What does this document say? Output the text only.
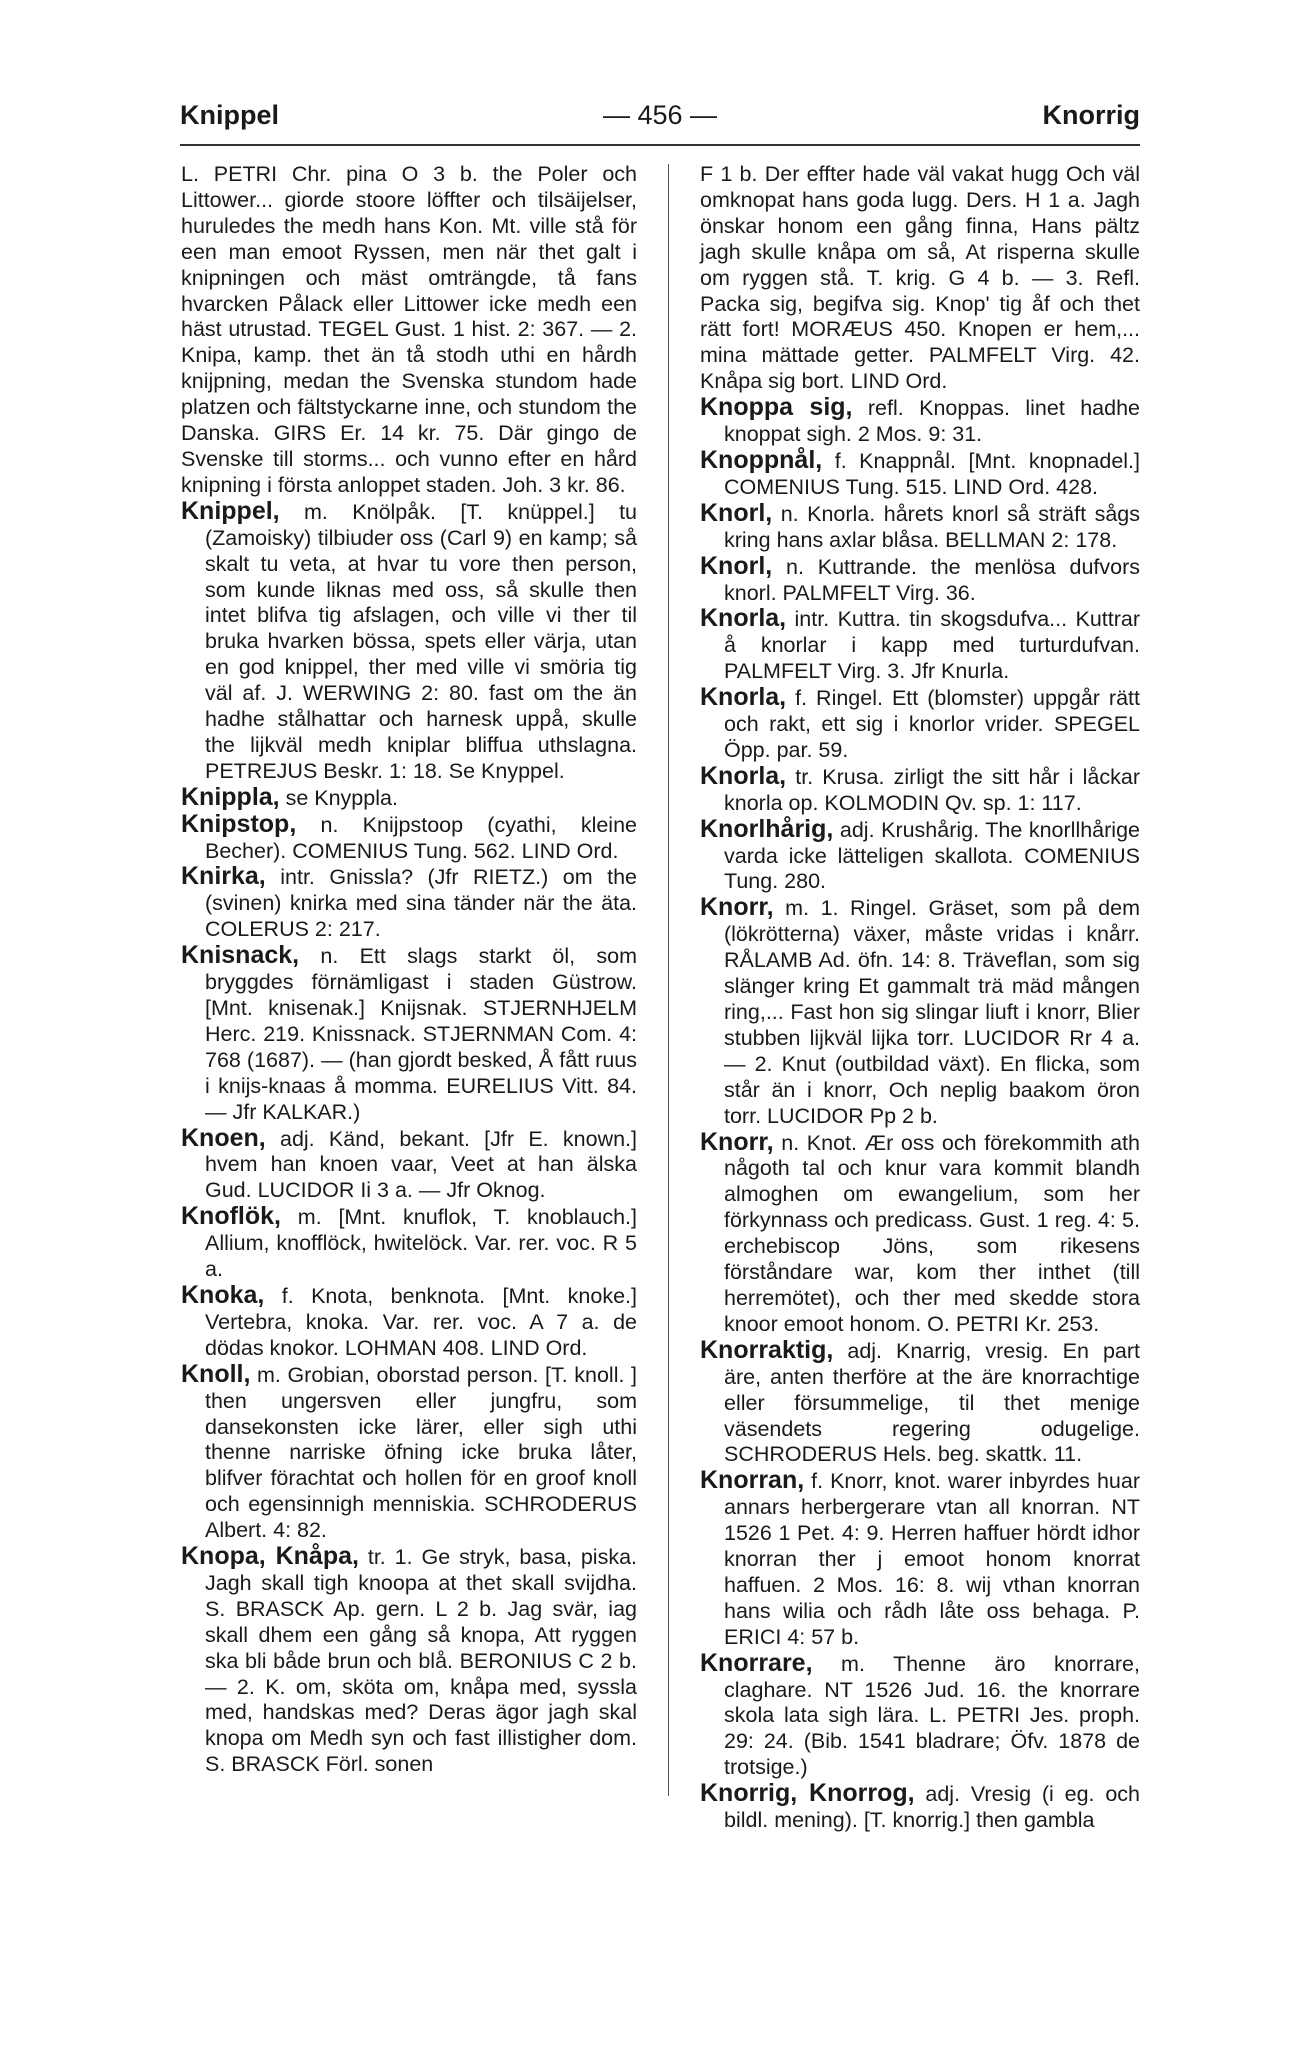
Knippel	— 456 —	Knorrig
L. PETRI Chr. pina O 3 b. the Poler och Littower... giorde stoore löffter och tilsäijelser, huruledes the medh hans Kon. Mt. ville stå för een man emoot Ryssen, men när thet galt i knipningen och mäst omträngde, tå fans hvarcken Pålack eller Littower icke medh een häst utrustad. TEGEL Gust. 1 hist. 2: 367. — 2. Knipa, kamp. thet än tå stodh uthi en hårdh knijpning, medan the Svenska stundom hade platzen och fältstyckarne inne, och stundom the Danska. GIRS Er. 14 kr. 75. Där gingo de Svenske till storms... och vunno efter en hård knipning i första anloppet staden. Joh. 3 kr. 86.
Knippel, m. Knölpåk. [T. knüppel.] tu (Zamoisky) tilbiuder oss (Carl 9) en kamp; så skalt tu veta, at hvar tu vore then person, som kunde liknas med oss, så skulle then intet blifva tig afslagen, och ville vi ther til bruka hvarken bössa, spets eller värja, utan en god knippel, ther med ville vi smöria tig väl af. J. WERWING 2: 80. fast om the än hadhe stålhattar och harnesk uppå, skulle the lijkväl medh kniplar bliffua uthslagna. PETREJUS Beskr. 1: 18. Se Knyppel.
Knippla, se Knyppla.
Knipstop, n. Knijpstoop (cyathi, kleine Becher). COMENIUS Tung. 562. LIND Ord.
Knirka, intr. Gnissla? (Jfr RIETZ.) om the (svinen) knirka med sina tänder när the äta. COLERUS 2: 217.
Knisnack, n. Ett slags starkt öl, som bryggdes förnämligast i staden Güstrow. [Mnt. knisenak.] Knijsnak. STJERNHJELM Herc. 219. Knissnack. STJERNMAN Com. 4: 768 (1687). — (han gjordt besked, Å fått ruus i knijs-knaas å momma. EURELIUS Vitt. 84. — Jfr KALKAR.)
Knoen, adj. Känd, bekant. [Jfr E. known.] hvem han knoen vaar, Veet at han älska Gud. LUCIDOR Ii 3 a. — Jfr Oknog.
Knoflök, m. [Mnt. knuflok, T. knoblauch.] Allium, knofflöck, hwitelöck. Var. rer. voc. R 5 a.
Knoka, f. Knota, benknota. [Mnt. knoke.] Vertebra, knoka. Var. rer. voc. A 7 a. de dödas knokor. LOHMAN 408. LIND Ord.
Knoll, m. Grobian, oborstad person. [T. knoll. ] then ungersven eller jungfru, som dansekonsten icke lärer, eller sigh uthi thenne narriske öfning icke bruka låter, blifver förachtat och hollen för en groof knoll och egensinnigh menniskia. SCHRODERUS Albert. 4: 82.
Knopa, Knåpa, tr. 1. Ge stryk, basa, piska. Jagh skall tigh knoopa at thet skall svijdha. S. BRASCK Ap. gern. L 2 b. Jag svär, iag skall dhem een gång så knopa, Att ryggen ska bli både brun och blå. BERONIUS C 2 b. — 2. K. om, sköta om, knåpa med, syssla med, handskas med? Deras ägor jagh skal knopa om Medh syn och fast illistigher dom. S. BRASCK Förl. sonen
F 1 b. Der effter hade väl vakat hugg Och väl omknopat hans goda lugg. Ders. H 1 a. Jagh önskar honom een gång finna, Hans pältz jagh skulle knåpa om så, At risperna skulle om ryggen stå. T. krig. G 4 b. — 3. Refl. Packa sig, begifva sig. Knop' tig åf och thet rätt fort! MORÆUS 450. Knopen er hem,... mina mättade getter. PALMFELT Virg. 42. Knåpa sig bort. LIND Ord.
Knoppa sig, refl. Knoppas. linet hadhe knoppat sigh. 2 Mos. 9: 31.
Knoppnål, f. Knappnål. [Mnt. knopnadel.] COMENIUS Tung. 515. LIND Ord. 428.
Knorl, n. Knorla. hårets knorl så sträft sågs kring hans axlar blåsa. BELLMAN 2: 178.
Knorl, n. Kuttrande. the menlösa dufvors knorl. PALMFELT Virg. 36.
Knorla, intr. Kuttra. tin skogsdufva... Kuttrar å knorlar i kapp med turturdufvan. PALMFELT Virg. 3. Jfr Knurla.
Knorla, f. Ringel. Ett (blomster) uppgår rätt och rakt, ett sig i knorlor vrider. SPEGEL Öpp. par. 59.
Knorla, tr. Krusa. zirligt the sitt hår i låckar knorla op. KOLMODIN Qv. sp. 1: 117.
Knorlhårig, adj. Krushårig. The knorllhårige varda icke lätteligen skallota. COMENIUS Tung. 280.
Knorr, m. 1. Ringel. Gräset, som på dem (lökrötterna) växer, måste vridas i knårr. RÅLAMB Ad. öfn. 14: 8. Träveflan, som sig slänger kring Et gammalt trä mäd mången ring,... Fast hon sig slingar liuft i knorr, Blier stubben lijkväl lijka torr. LUCIDOR Rr 4 a. — 2. Knut (outbildad växt). En flicka, som står än i knorr, Och neplig baakom öron torr. LUCIDOR Pp 2 b.
Knorr, n. Knot. Ær oss och förekommith ath någoth tal och knur vara kommit blandh almoghen om ewangelium, som her förkynnass och predicass. Gust. 1 reg. 4: 5. erchebiscop Jöns, som rikesens förståndare war, kom ther inthet (till herremötet), och ther med skedde stora knoor emoot honom. O. PETRI Kr. 253.
Knorraktig, adj. Knarrig, vresig. En part äre, anten therföre at the äre knorrachtige eller försummelige, til thet menige väsendets regering odugelige. SCHRODERUS Hels. beg. skattk. 11.
Knorran, f. Knorr, knot. warer inbyrdes huar annars herbergerare vtan all knorran. NT 1526 1 Pet. 4: 9. Herren haffuer hördt idhor knorran ther j emoot honom knorrat haffuen. 2 Mos. 16: 8. wij vthan knorran hans wilia och rådh låte oss behaga. P. ERICI 4: 57 b.
Knorrare, m. Thenne äro knorrare, claghare. NT 1526 Jud. 16. the knorrare skola lata sigh lära. L. PETRI Jes. proph. 29: 24. (Bib. 1541 bladrare; Öfv. 1878 de trotsige.)
Knorrig, Knorrog, adj. Vresig (i eg. och bildl. mening). [T. knorrig.] then gambla
